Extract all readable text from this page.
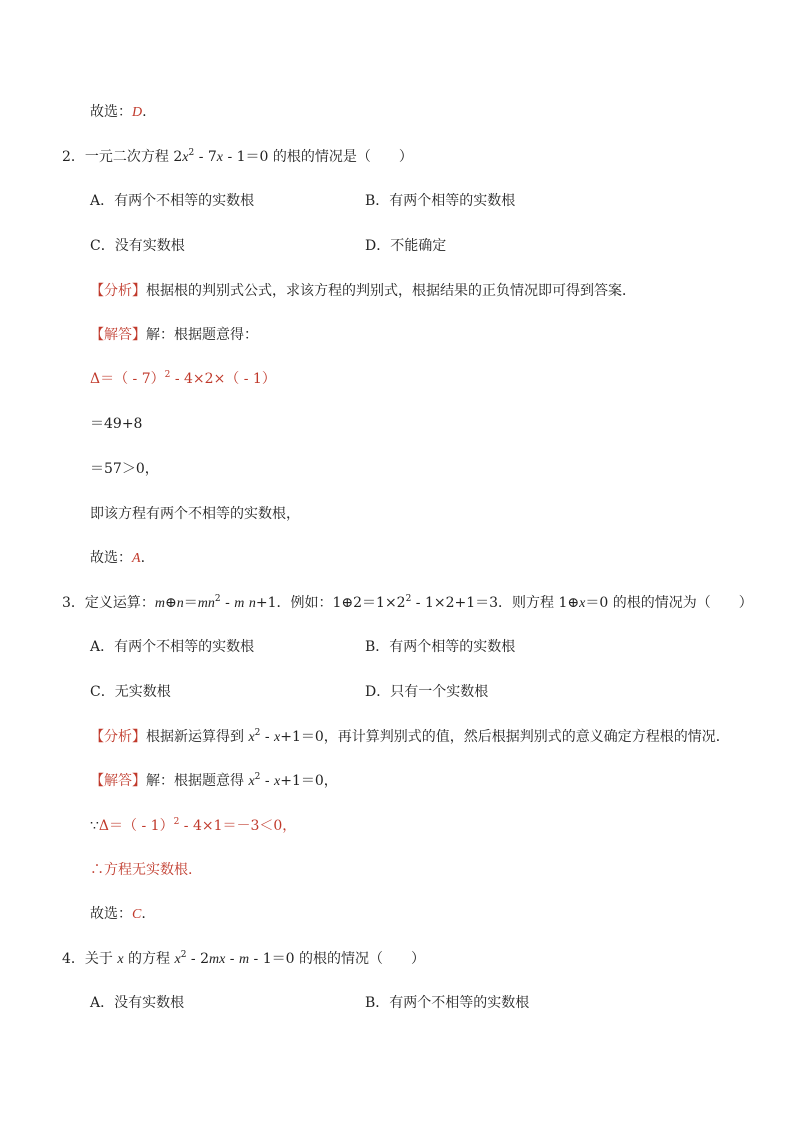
故选：D.
2．一元二次方程 $2x^2 - 7x - 1=0$ 的根的情况是（　　）
A．有两个不相等的实数根	B．有两个相等的实数根
C．没有实数根	D．不能确定
【分析】根据根的判别式公式，求该方程的判别式，根据结果的正负情况即可得到答案．
【解答】解：根据题意得：
Δ＝（ - 7）$^2$ - 4×2×（ - 1）
＝49+8
＝57＞0，
即该方程有两个不相等的实数根，
故选：A.
3．定义运算：$m\oplus n=mn^2 - m$ n+1．例如：$1\oplus 2=1\times 2^2 - 1\times 2+1=3$．则方程 1⊕x＝0 的根的情况为（　　）
A．有两个不相等的实数根	B．有两个相等的实数根
C．无实数根	D．只有一个实数根
【分析】根据新运算得到 $x^2 - x+1=0$，再计算判别式的值，然后根据判别式的意义确定方程根的情况．
【解答】解：根据题意得 $x^2 - x+1=0$，
∵Δ＝（ - 1）$^2$ - 4×1＝－3＜0，
∴方程无实数根.
故选：C.
4．关于 x 的方程 $x^2 - 2mx - m - 1=0$ 的根的情况（　　）
A．没有实数根	B．有两个不相等的实数根
